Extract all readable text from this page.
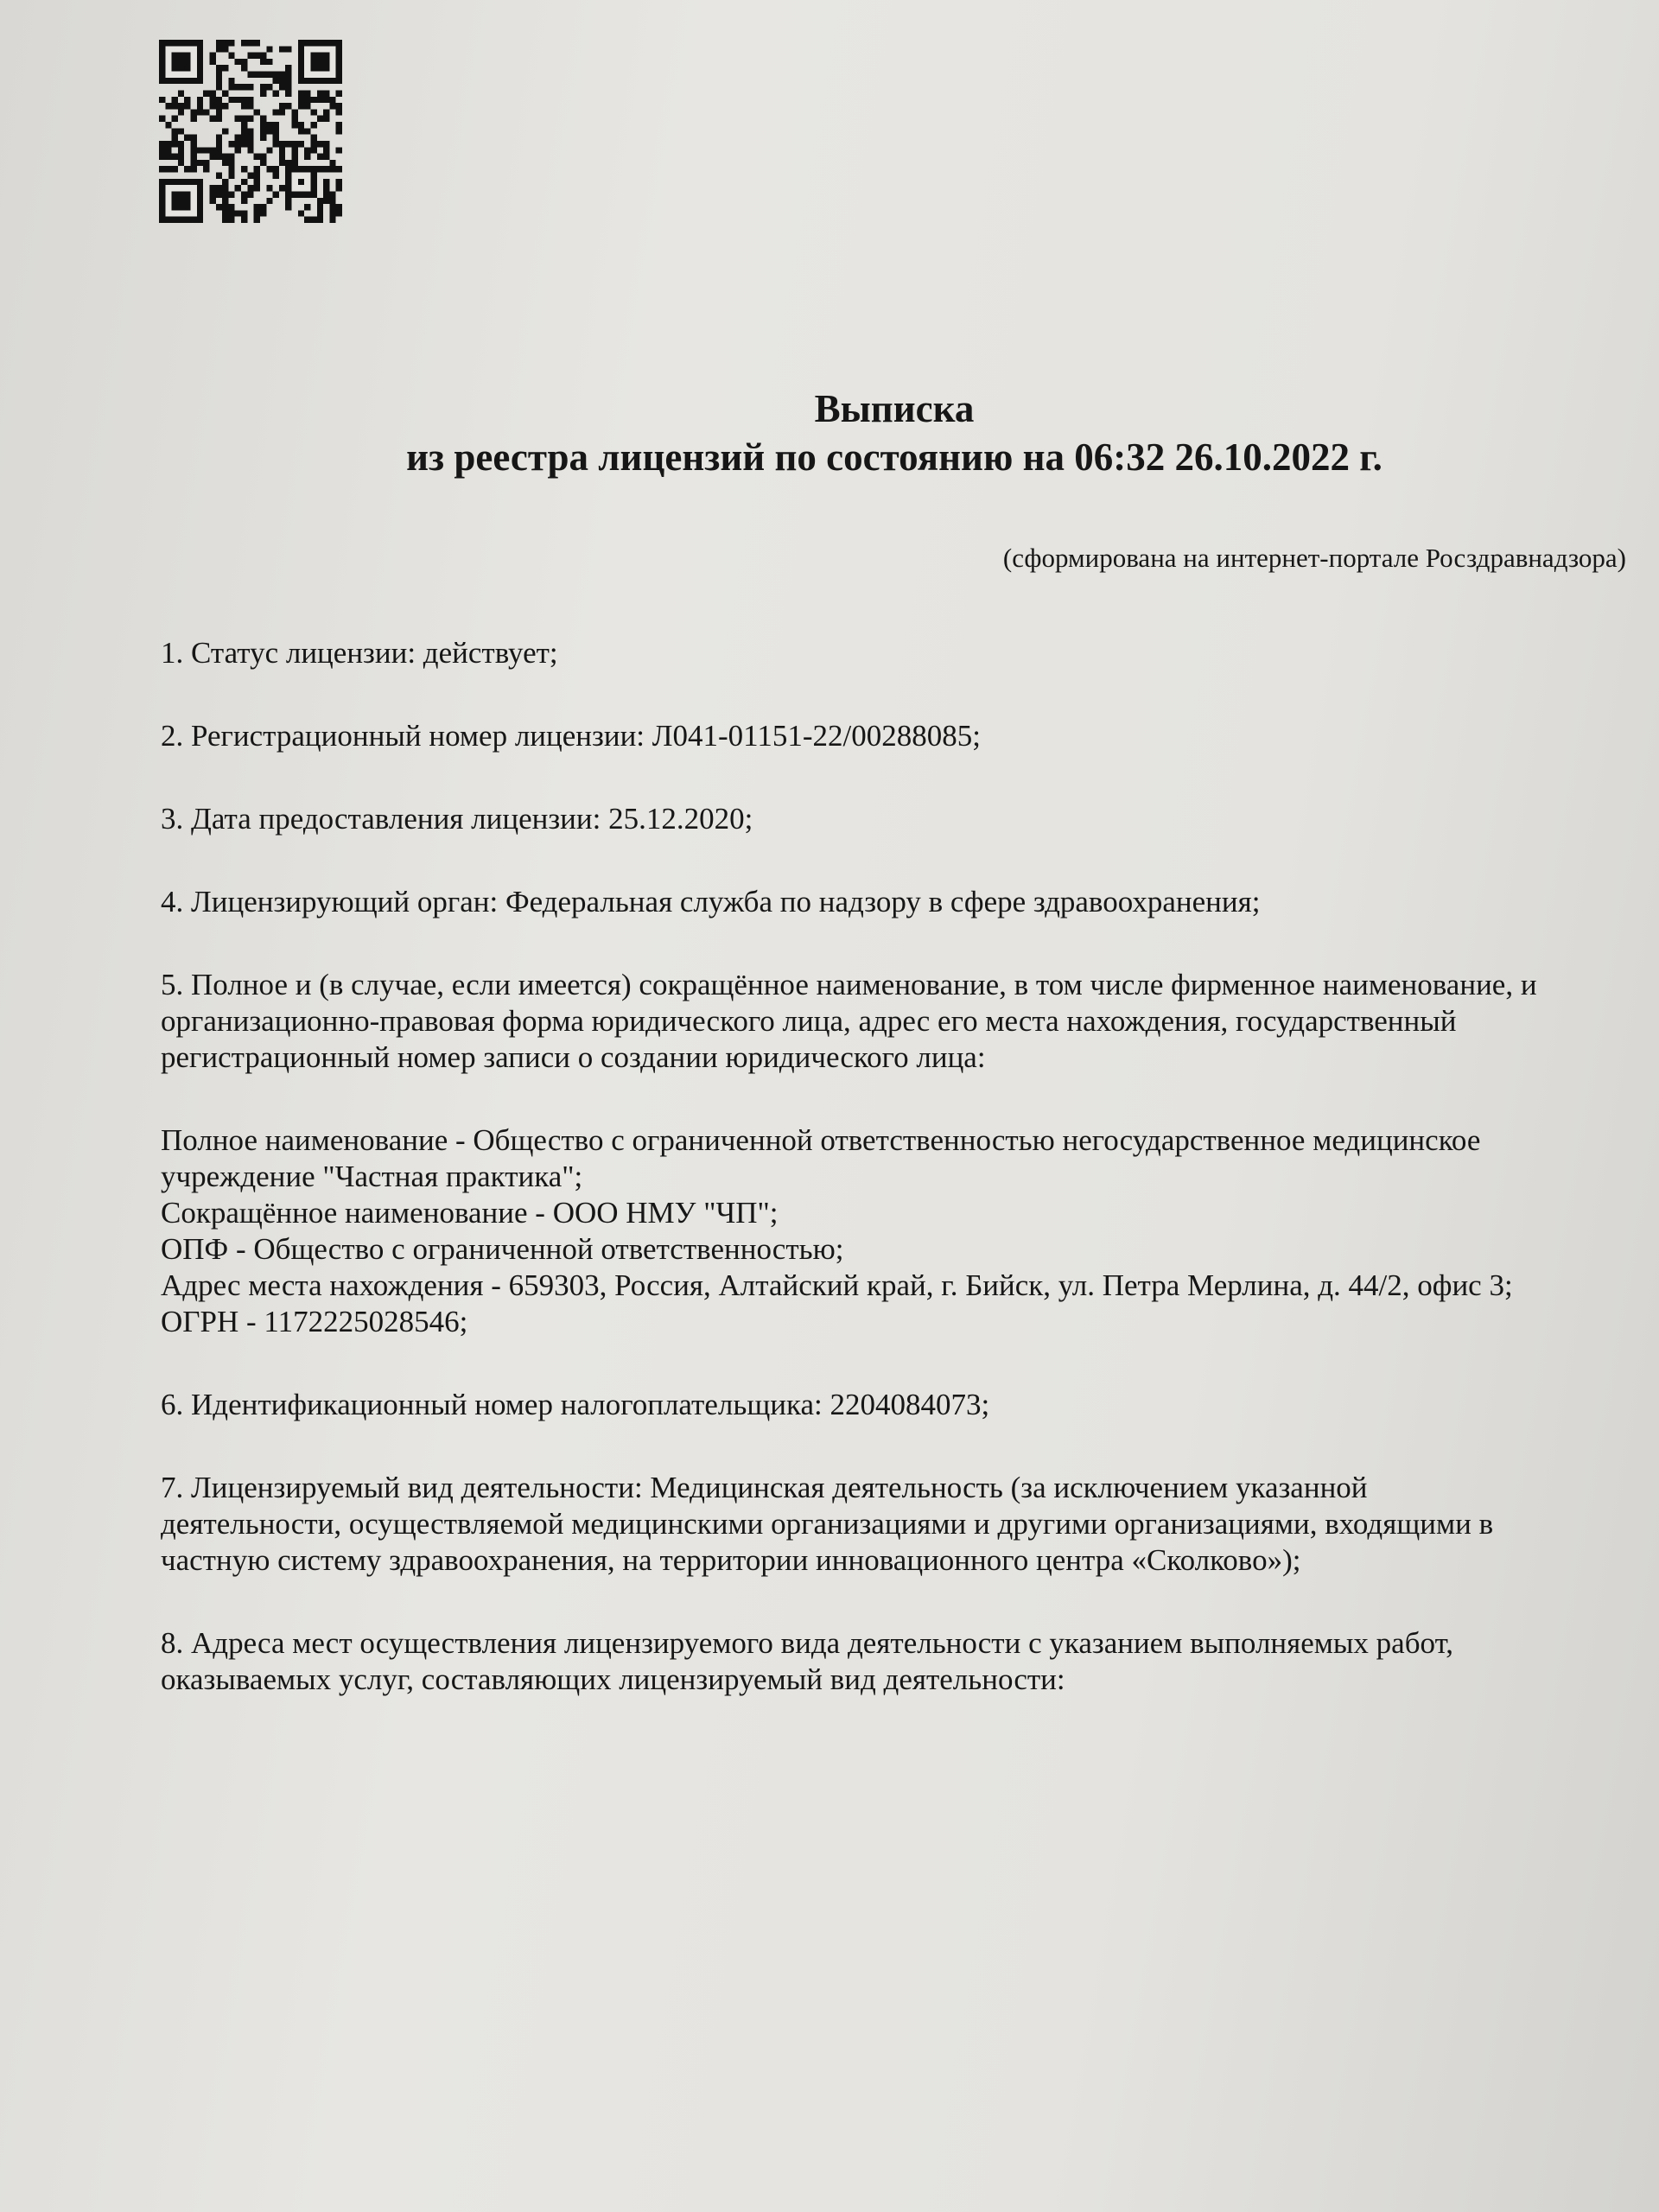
Выписка

из реестра лицензий по состоянию на 06:32 26.10.2022 г.

(сформирована на интернет-портале Росздравнадзора)

1. Статус лицензии: действует;

2. Регистрационный номер лицензии: Л041-01151-22/00288085;

3. Дата предоставления лицензии: 25.12.2020;

4. Лицензирующий орган: Федеральная служба по надзору в сфере здравоохранения;

5. Полное и (в случае, если имеется) сокращённое наименование, в том числе фирменное наименование, и организационно-правовая форма юридического лица, адрес его места нахождения, государственный регистрационный номер записи о создании юридического лица:

Полное наименование - Общество с ограниченной ответственностью негосударственное медицинское учреждение "Частная практика";

Сокращённое наименование - ООО НМУ "ЧП";

ОПФ - Общество с ограниченной ответственностью;

Адрес места нахождения - 659303, Россия, Алтайский край, г. Бийск, ул. Петра Мерлина, д. 44/2, офис 3;

ОГРН - 1172225028546;

6. Идентификационный номер налогоплательщика: 2204084073;

7. Лицензируемый вид деятельности: Медицинская деятельность (за исключением указанной деятельности, осуществляемой медицинскими организациями и другими организациями, входящими в частную систему здравоохранения, на территории инновационного центра «Сколково»);

8. Адреса мест осуществления лицензируемого вида деятельности с указанием выполняемых работ, оказываемых услуг, составляющих лицензируемый вид деятельности:
